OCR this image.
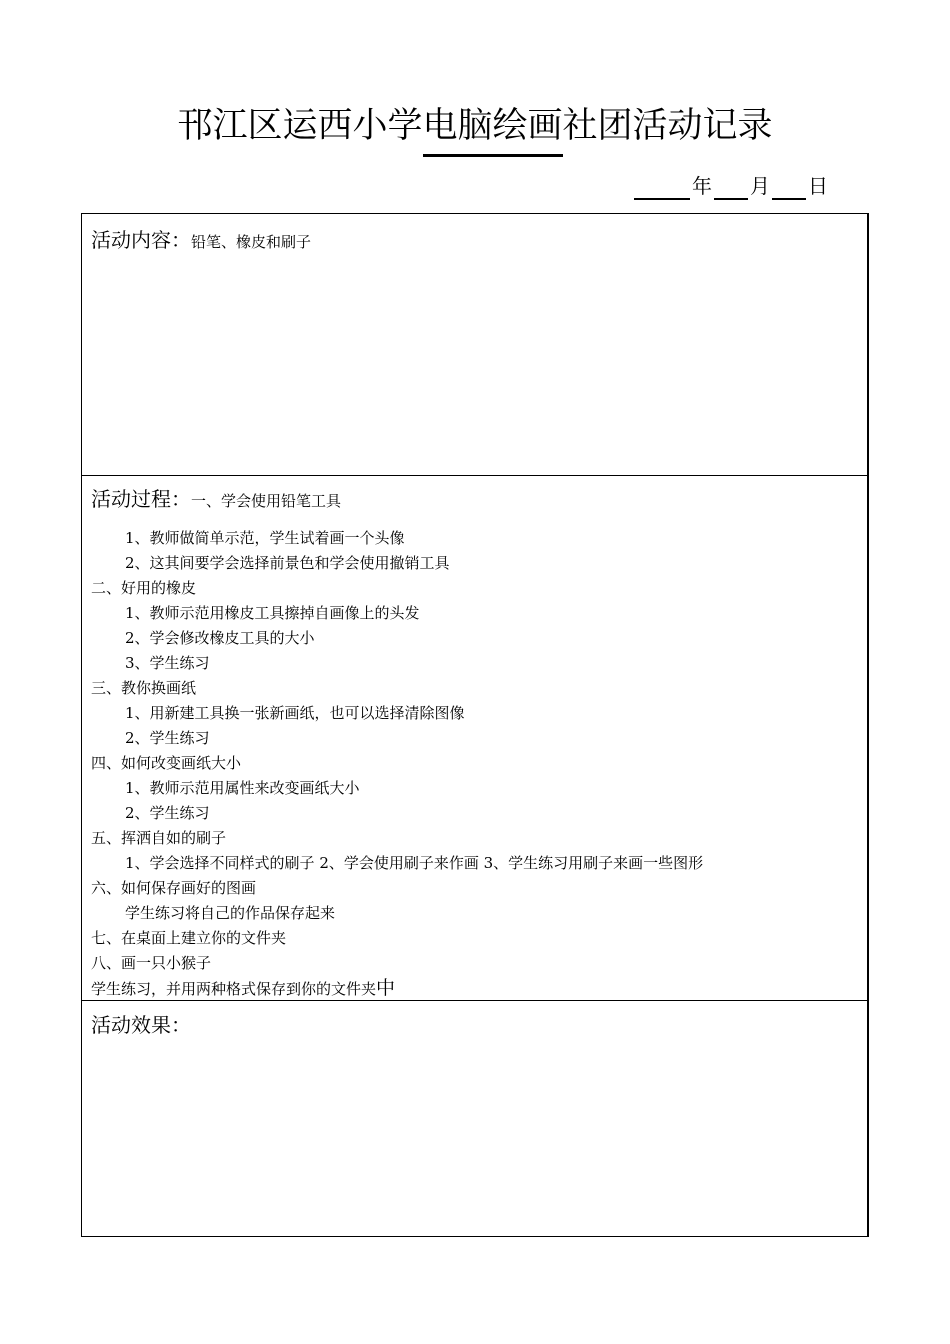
邗江区运西小学电脑绘画社团活动记录
年 月 日
活动内容：铅笔、橡皮和刷子
活动过程：一、学会使用铅笔工具
1、教师做简单示范，学生试着画一个头像
2、这其间要学会选择前景色和学会使用撤销工具
二、好用的橡皮
1、教师示范用橡皮工具擦掉自画像上的头发
2、学会修改橡皮工具的大小
3、学生练习
三、教你换画纸
1、用新建工具换一张新画纸，也可以选择清除图像
2、学生练习
四、如何改变画纸大小
1、教师示范用属性来改变画纸大小
2、学生练习
五、挥洒自如的刷子
1、学会选择不同样式的刷子 2、学会使用刷子来作画 3、学生练习用刷子来画一些图形
六、如何保存画好的图画
学生练习将自己的作品保存起来
七、在桌面上建立你的文件夹
八、画一只小猴子
学生练习，并用两种格式保存到你的文件夹中
活动效果：
